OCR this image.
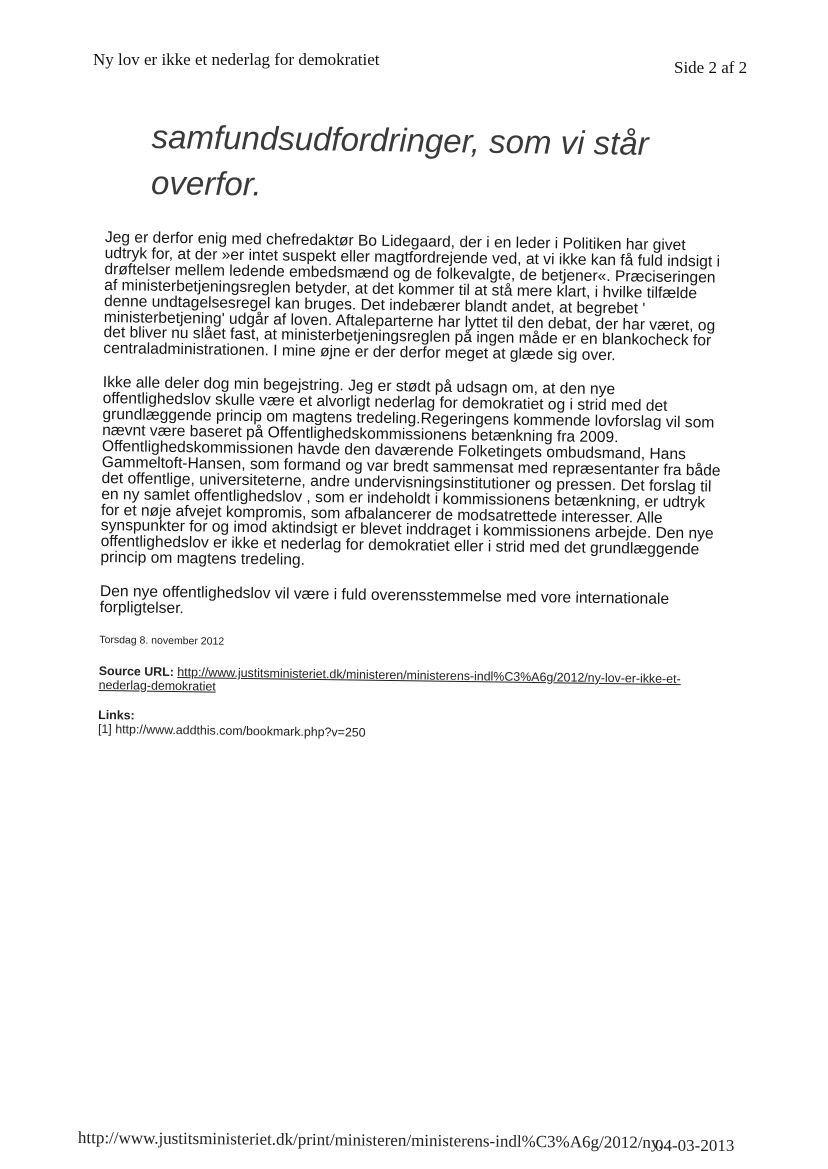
Ny lov er ikke et nederlag for demokratiet	Side 2 af 2
samfundsudfordringer, som vi står overfor.

Jeg er derfor enig med chefredaktør Bo Lidegaard, der i en leder i Politiken har givet udtryk for, at der »er intet suspekt eller magtfordrejende ved, at vi ikke kan få fuld indsigt i drøftelser mellem ledende embedsmænd og de folkevalgte, de betjener«. Præciseringen af ministerbetjeningsreglen betyder, at det kommer til at stå mere klart, i hvilke tilfælde denne undtagelsesregel kan bruges. Det indebærer blandt andet, at begrebet ' ministerbetjening' udgår af loven. Aftaleparterne har lyttet til den debat, der har været, og det bliver nu slået fast, at ministerbetjeningsreglen på ingen måde er en blankocheck for centraladministrationen. I mine øjne er der derfor meget at glæde sig over.

Ikke alle deler dog min begejstring. Jeg er stødt på udsagn om, at den nye offentlighedslov skulle være et alvorligt nederlag for demokratiet og i strid med det grundlæggende princip om magtens tredeling.Regeringens kommende lovforslag vil som nævnt være baseret på Offentlighedskommissionens betænkning fra 2009. Offentlighedskommissionen havde den daværende Folketingets ombudsmand, Hans Gammeltoft-Hansen, som formand og var bredt sammensat med repræsentanter fra både det offentlige, universiteterne, andre undervisningsinstitutioner og pressen. Det forslag til en ny samlet offentlighedslov , som er indeholdt i kommissionens betænkning, er udtryk for et nøje afvejet kompromis, som afbalancerer de modsatrettede interesser. Alle synspunkter for og imod aktindsigt er blevet inddraget i kommissionens arbejde. Den nye offentlighedslov er ikke et nederlag for demokratiet eller i strid med det grundlæggende princip om magtens tredeling.

Den nye offentlighedslov vil være i fuld overensstemmelse med vore internationale forpligtelser.

Torsdag 8. november 2012
Source URL: http://www.justitsministeriet.dk/ministeren/ministerens-indl%C3%A6g/2012/ny-lov-er-ikke-et-nederlag-demokratiet
Links:
[1] http://www.addthis.com/bookmark.php?v=250
http://www.justitsministeriet.dk/print/ministeren/ministerens-indl%C3%A6g/2012/ny...
04-03-2013
